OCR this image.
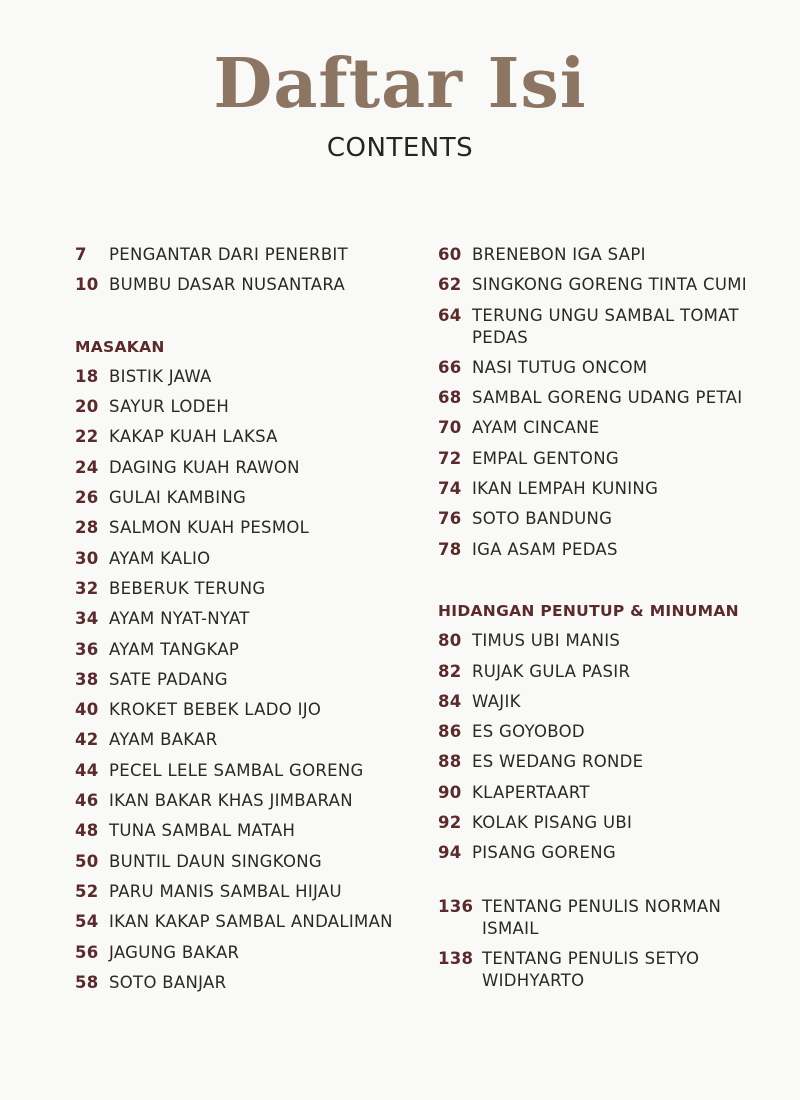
Daftar Isi
CONTENTS
7	PENGANTAR DARI PENERBIT
10 BUMBU DASAR NUSANTARA
MASAKAN
18 BISTIK JAWA
20 SAYUR LODEH
22 KAKAP KUAH LAKSA
24 DAGING KUAH RAWON
26 GULAI KAMBING
28 SALMON KUAH PESMOL
30 AYAM KALIO
32 BEBERUK TERUNG
34 AYAM NYAT-NYAT
36 AYAM TANGKAP
38 SATE PADANG
40 KROKET BEBEK LADO IJO
42 AYAM BAKAR
44 PECEL LELE SAMBAL GORENG
46 IKAN BAKAR KHAS JIMBARAN
48 TUNA SAMBAL MATAH
50 BUNTIL DAUN SINGKONG
52 PARU MANIS SAMBAL HIJAU
54 IKAN KAKAP SAMBAL ANDALIMAN
56 JAGUNG BAKAR
58 SOTO BANJAR
60 BRENEBON IGA SAPI
62 SINGKONG GORENG TINTA CUMI
64 TERUNG UNGU SAMBAL TOMAT PEDAS
66 NASI TUTUG ONCOM
68 SAMBAL GORENG UDANG PETAI
70 AYAM CINCANE
72 EMPAL GENTONG
74 IKAN LEMPAH KUNING
76 SOTO BANDUNG
78 IGA ASAM PEDAS
HIDANGAN PENUTUP & MINUMAN
80 TIMUS UBI MANIS
82 RUJAK GULA PASIR
84 WAJIK
86 ES GOYOBOD
88 ES WEDANG RONDE
90 KLAPERTAART
92 KOLAK PISANG UBI
94 PISANG GORENG
136 TENTANG PENULIS NORMAN ISMAIL
138 TENTANG PENULIS SETYO WIDHYARTO
